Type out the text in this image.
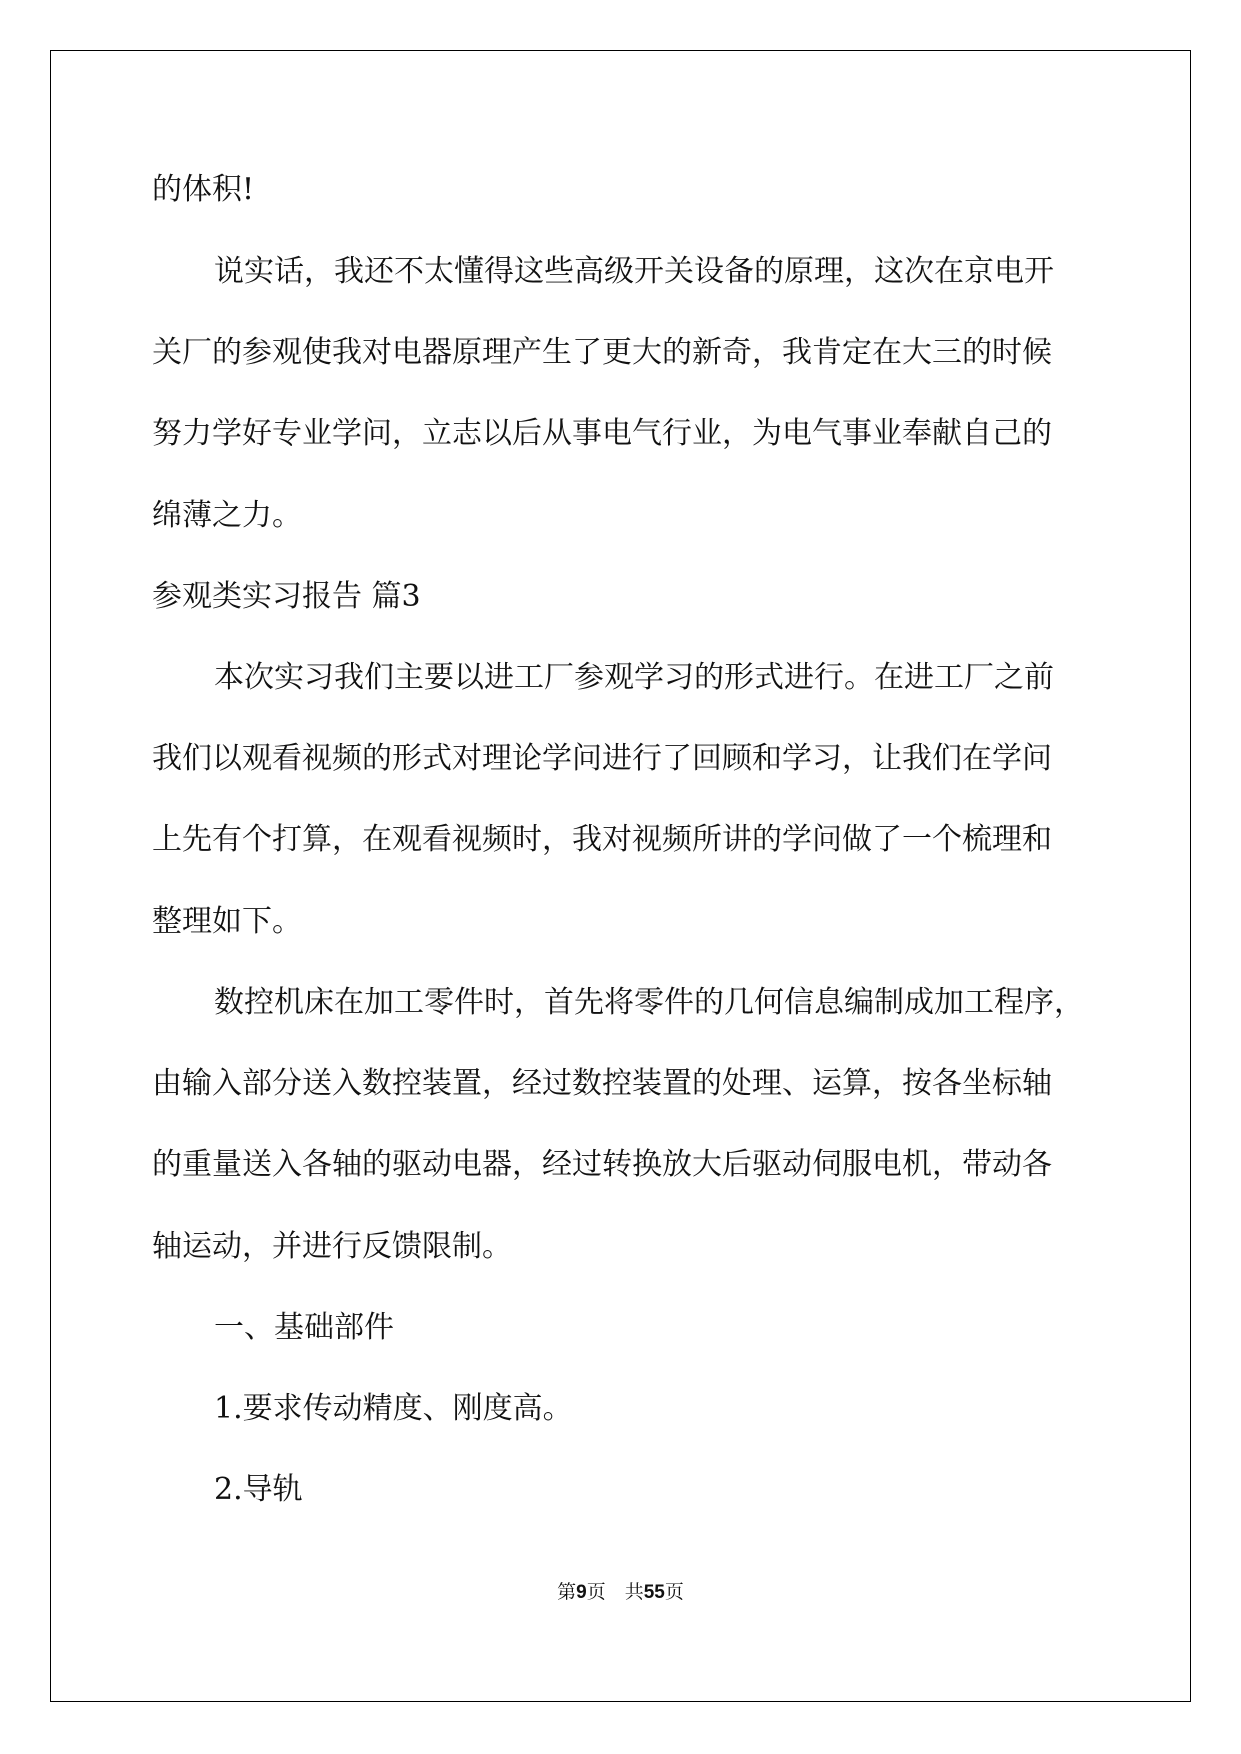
的体积!
说实话，我还不太懂得这些高级开关设备的原理，这次在京电开
关厂的参观使我对电器原理产生了更大的新奇，我肯定在大三的时候
努力学好专业学问，立志以后从事电气行业，为电气事业奉献自己的
绵薄之力。
参观类实习报告 篇3
本次实习我们主要以进工厂参观学习的形式进行。在进工厂之前
我们以观看视频的形式对理论学问进行了回顾和学习，让我们在学问
上先有个打算，在观看视频时，我对视频所讲的学问做了一个梳理和
整理如下。
数控机床在加工零件时，首先将零件的几何信息编制成加工程序，
由输入部分送入数控装置，经过数控装置的处理、运算，按各坐标轴
的重量送入各轴的驱动电器，经过转换放大后驱动伺服电机，带动各
轴运动，并进行反馈限制。
一、基础部件
1.要求传动精度、刚度高。
2.导轨
第9页　共55页
